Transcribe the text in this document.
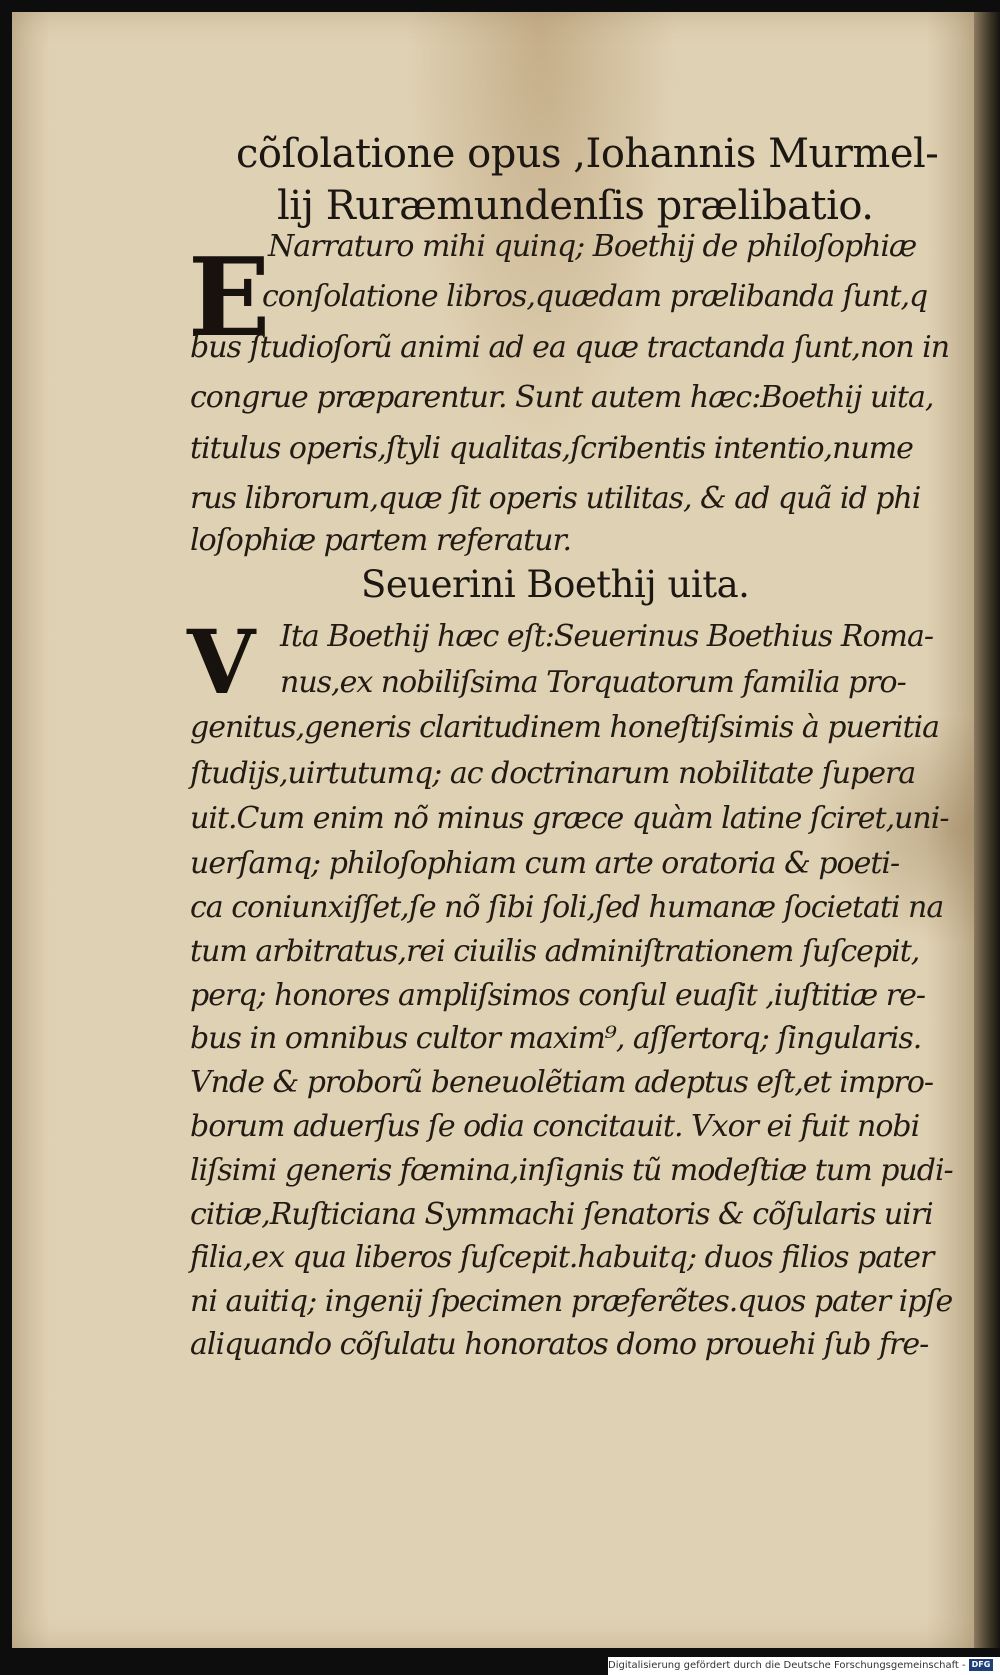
cõſolatione opus ,Iohannis Murmel-
lij Ruræmundenſis prælibatio.
E
Narraturo mihi quinq; Boethij de philoſophiæ
conſolatione libros,quædam prælibanda ſunt,q
bus ſtudioſorũ animi ad ea quæ tractanda ſunt,non in
congrue præparentur. Sunt autem hæc:Boethij uita,
titulus operis,ſtyli qualitas,ſcribentis intentio,nume
rus librorum,quæ ſit operis utilitas, & ad quã id phi
loſophiæ partem referatur.
Seuerini Boethij uita.
V Ita Boethij hæc eſt:Seuerinus Boethius Roma-
nus,ex nobiliſsima Torquatorum familia pro-
genitus,generis claritudinem honeſtiſsimis à pueritia
ſtudijs,uirtutumq; ac doctrinarum nobilitate ſupera
uit.Cum enim nõ minus græce quàm latine ſciret,uni-
uerſamq; philoſophiam cum arte oratoria & poeti-
ca coniunxiſſet,ſe nõ ſibi ſoli,ſed humanæ ſocietati na
tum arbitratus,rei ciuilis adminiſtrationem ſuſcepit,
perq; honores ampliſsimos conſul euaſit ,iuſtitiæ re-
bus in omnibus cultor maxim⁹, aſſertorq; ſingularis.
Vnde & proborũ beneuolẽtiam adeptus eſt,et impro-
borum aduerſus ſe odia concitauit. Vxor ei fuit nobi
liſsimi generis fœmina,inſignis tũ modeſtiæ tum pudi-
citiæ,Ruſticiana Symmachi ſenatoris & cõſularis uiri
filia,ex qua liberos ſuſcepit.habuitq; duos filios pater
ni auitiq; ingenij ſpecimen præferẽtes.quos pater ipſe
aliquando cõſulatu honoratos domo prouehi ſub fre-
Digitalisierung gefördert durch die Deutsche Forschungsgemeinschaft - DFG
